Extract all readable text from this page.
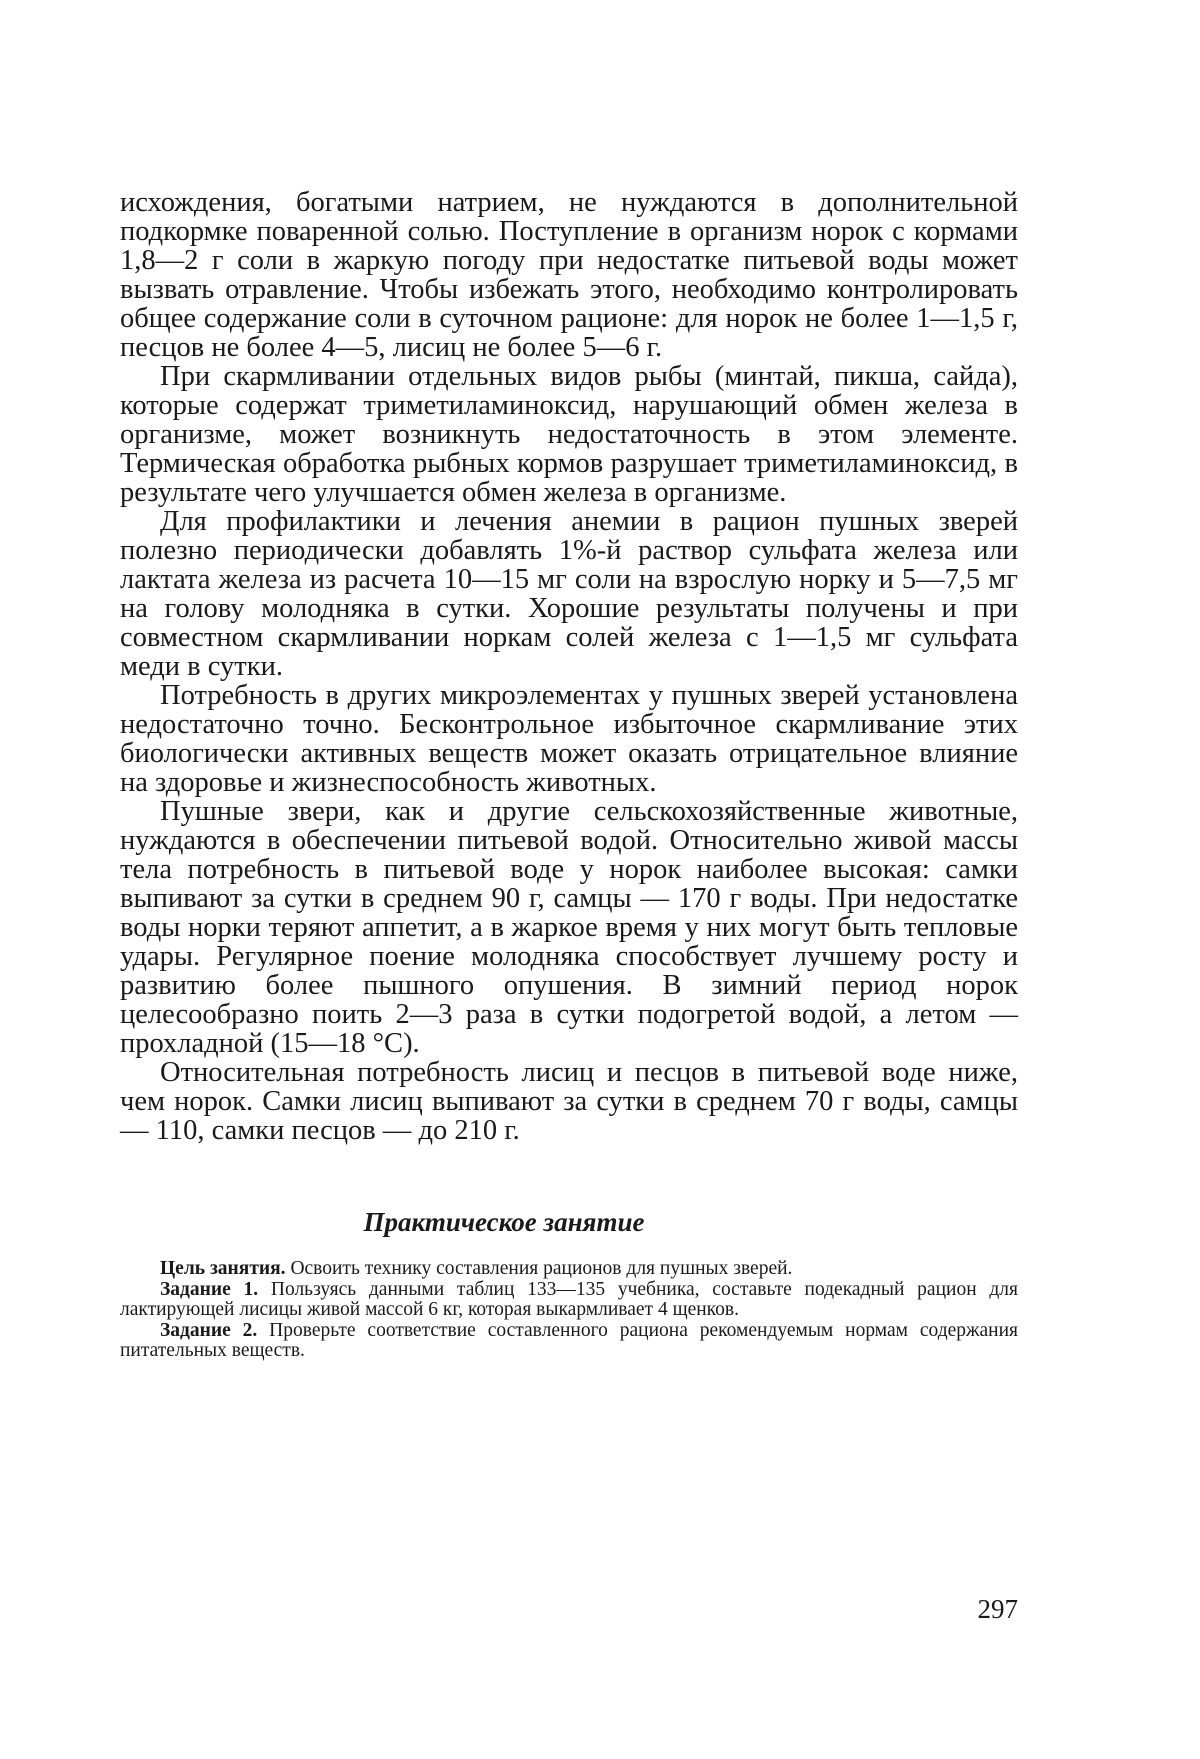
исхождения, богатыми натрием, не нуждаются в дополнительной подкормке поваренной солью. Поступление в организм норок с кормами 1,8—2 г соли в жаркую погоду при недостатке питьевой воды может вызвать отравление. Чтобы избежать этого, необходимо контролировать общее содержание соли в суточном рационе: для норок не более 1—1,5 г, песцов не более 4—5, лисиц не более 5—6 г.

При скармливании отдельных видов рыбы (минтай, пикша, сайда), которые содержат триметиламиноксид, нарушающий обмен железа в организме, может возникнуть недостаточность в этом элементе. Термическая обработка рыбных кормов разрушает триметиламиноксид, в результате чего улучшается обмен железа в организме.

Для профилактики и лечения анемии в рацион пушных зверей полезно периодически добавлять 1%-й раствор сульфата железа или лактата железа из расчета 10—15 мг соли на взрослую норку и 5—7,5 мг на голову молодняка в сутки. Хорошие результаты получены и при совместном скармливании норкам солей железа с 1—1,5 мг сульфата меди в сутки.

Потребность в других микроэлементах у пушных зверей установлена недостаточно точно. Бесконтрольное избыточное скармливание этих биологически активных веществ может оказать отрицательное влияние на здоровье и жизнеспособность животных.

Пушные звери, как и другие сельскохозяйственные животные, нуждаются в обеспечении питьевой водой. Относительно живой массы тела потребность в питьевой воде у норок наиболее высокая: самки выпивают за сутки в среднем 90 г, самцы — 170 г воды. При недостатке воды норки теряют аппетит, а в жаркое время у них могут быть тепловые удары. Регулярное поение молодняка способствует лучшему росту и развитию более пышного опушения. В зимний период норок целесообразно поить 2—3 раза в сутки подогретой водой, а летом — прохладной (15—18 °С).

Относительная потребность лисиц и песцов в питьевой воде ниже, чем норок. Самки лисиц выпивают за сутки в среднем 70 г воды, самцы — 110, самки песцов — до 210 г.

Практическое занятие

Цель занятия. Освоить технику составления рационов для пушных зверей.

Задание 1. Пользуясь данными таблиц 133—135 учебника, составьте подекадный рацион для лактирующей лисицы живой массой 6 кг, которая выкармливает 4 щенков.

Задание 2. Проверьте соответствие составленного рациона рекомендуемым нормам содержания питательных веществ.

297
